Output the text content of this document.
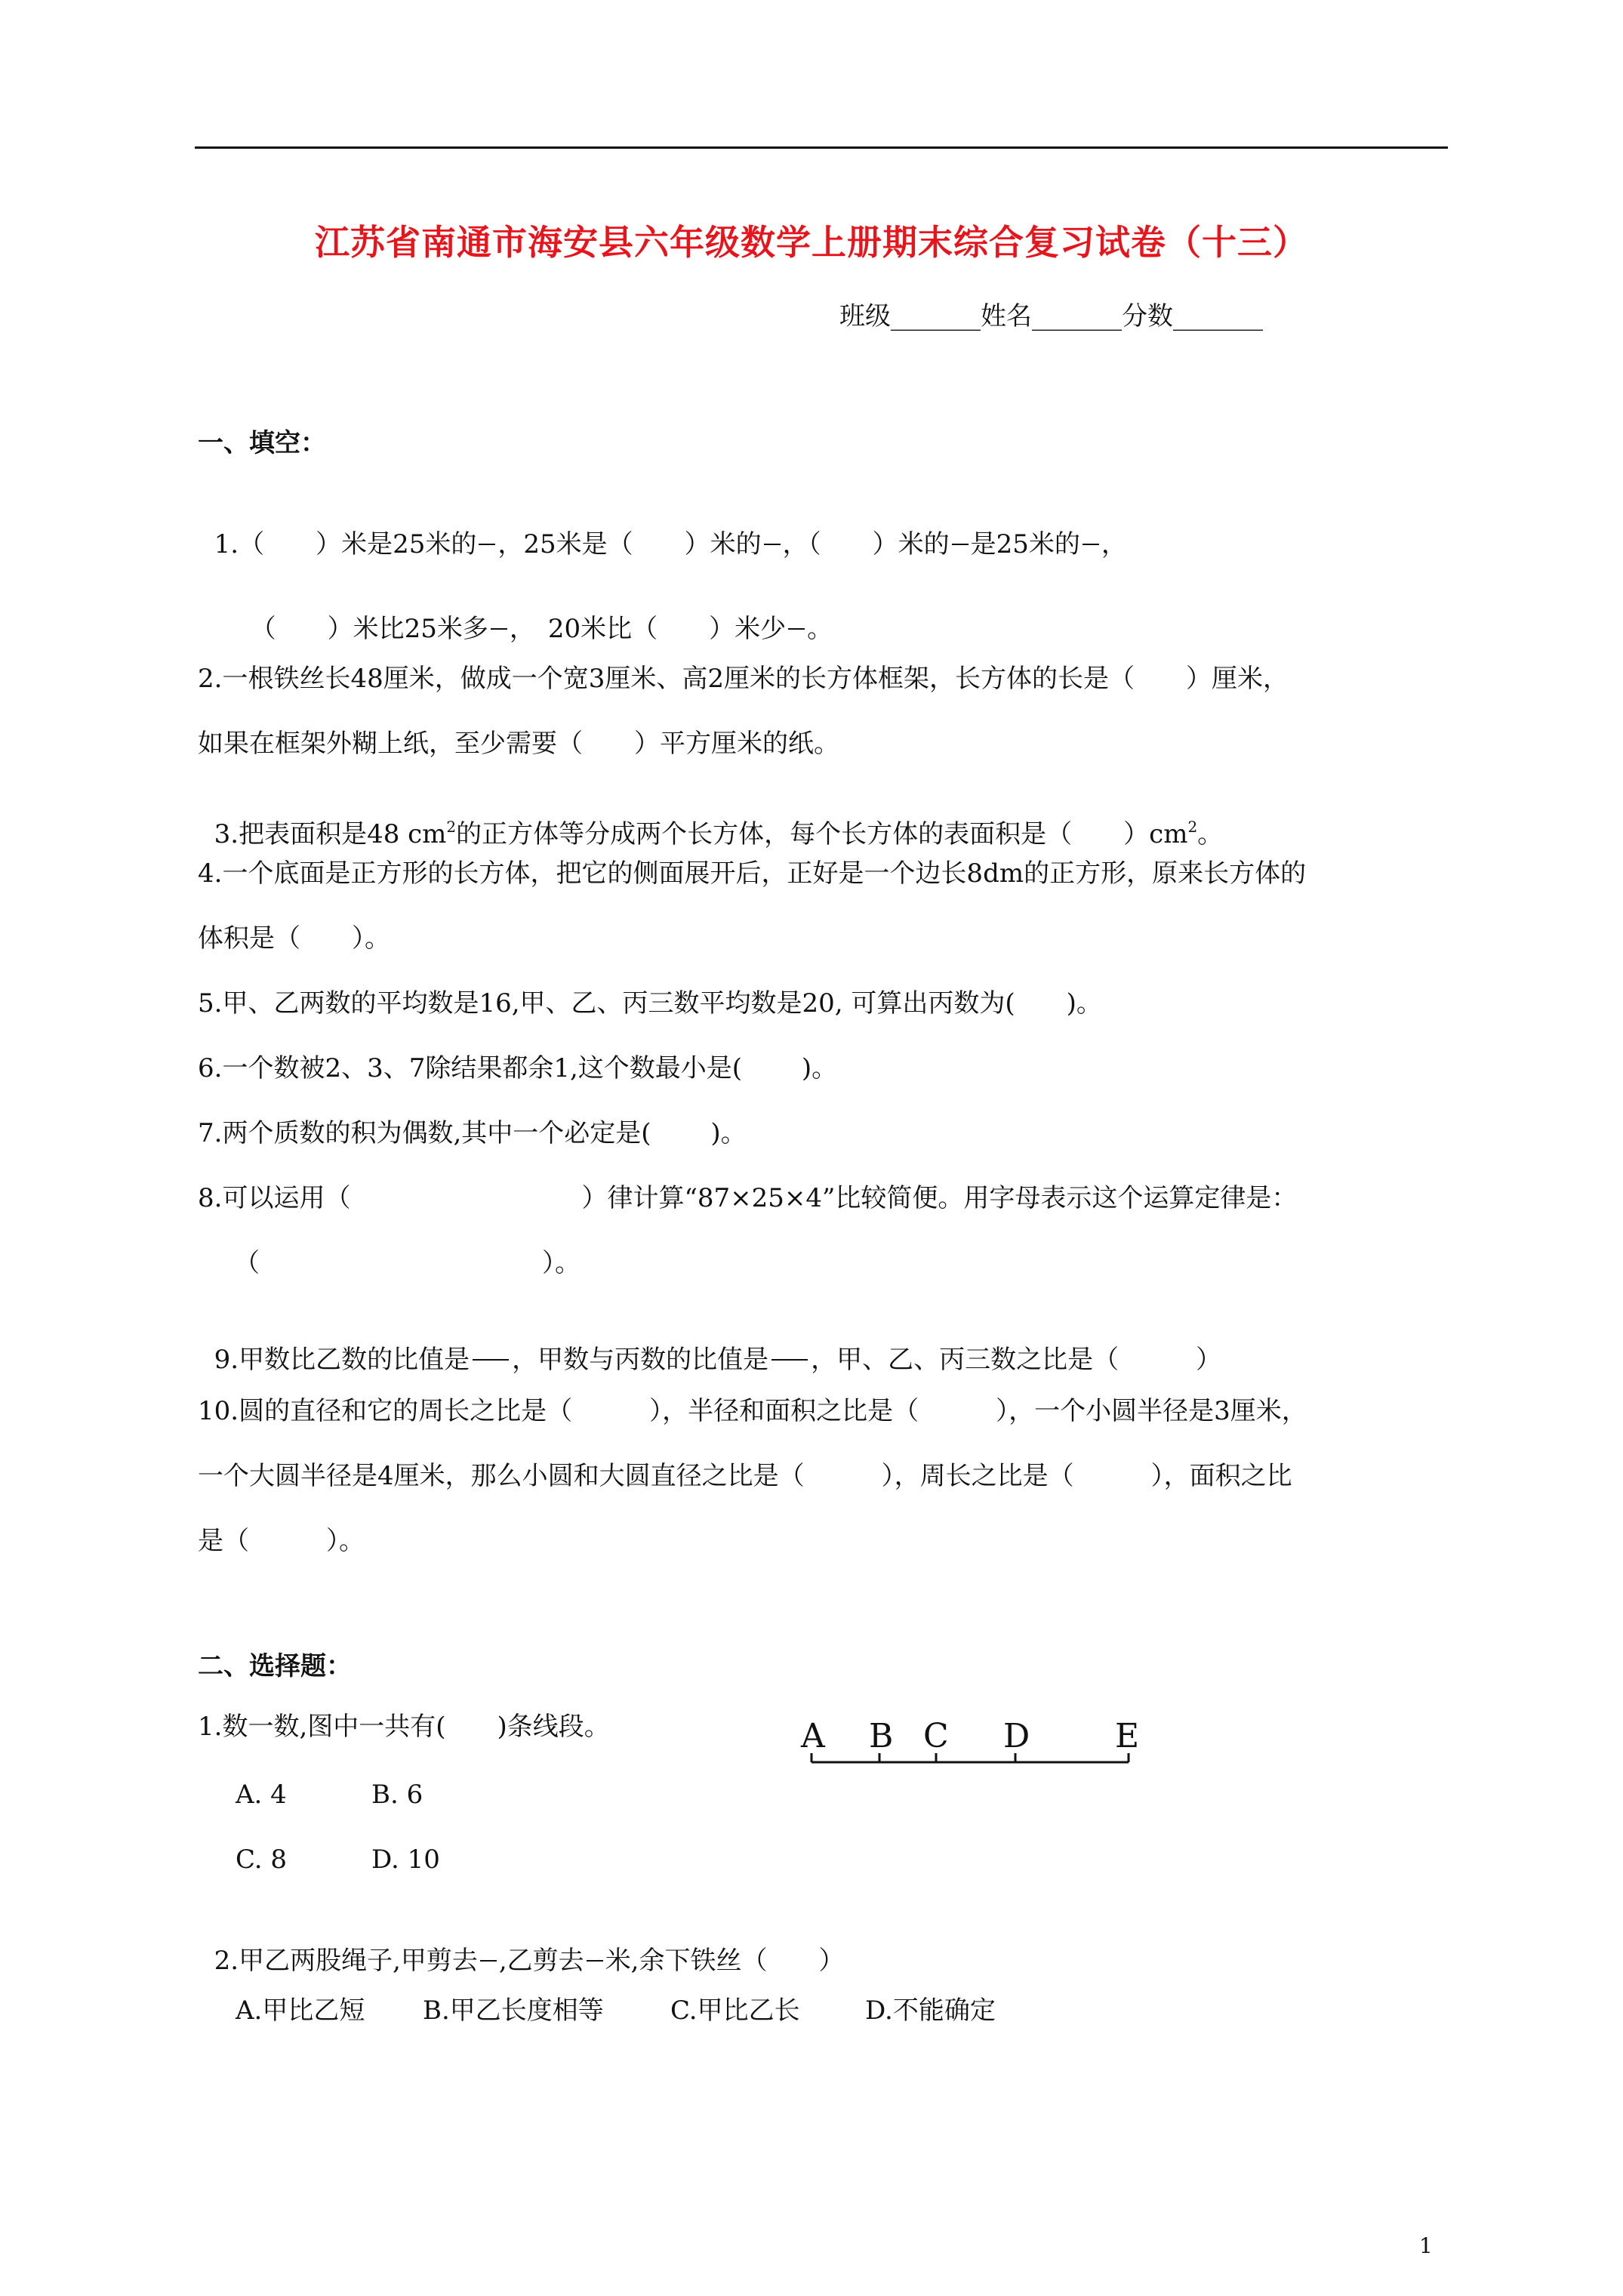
江苏省南通市海安县六年级数学上册期末综合复习试卷（十三）
班级_______姓名_______分数_______
一、填空：

1.（　　）米是25米的 ，25米是（　　）米的 ，（　　）米的 是25米的 ，

（　　）米比25米多 ，　20米比（　　）米少 。

2.一根铁丝长48厘米，做成一个宽3厘米、高2厘米的长方体框架，长方体的长是（　　）厘米，
如果在框架外糊上纸，至少需要（　　）平方厘米的纸。

3.把表面积是48 $cm^2$的正方体等分成两个长方体，每个长方体的表面积是（　　）$cm^2$。

4.一个底面是正方形的长方体，把它的侧面展开后，正好是一个边长8dm的正方形，原来长方体的
体积是（　　）。
5.甲、乙两数的平均数是16,甲、乙、丙三数平均数是20, 可算出丙数为(　　)。
6.一个数被2、3、7除结果都余1,这个数最小是(　　 )。
7.两个质数的积为偶数,其中一个必定是(　　 )。
8.可以运用（　　　　　　　　　）律计算“87×25×4”比较简便。用字母表示这个运算定律是：
（　　　　　　　　　　　）。

9.甲数比乙数的比值是 ，甲数与丙数的比值是 ，甲、乙、丙三数之比是（　　　）

10.圆的直径和它的周长之比是（　　　），半径和面积之比是（　　　），一个小圆半径是3厘米，
一个大圆半径是4厘米，那么小圆和大圆直径之比是（　　　），周长之比是（　　　），面积之比
是（　　　）。
二、选择题：
1.数一数,图中一共有(　　)条线段。	A B C D	E
A. 4	B. 6
C. 8	D. 10

2.甲乙两股绳子,甲剪去 ,乙剪去 米,余下铁丝（　　）

A.甲比乙短 B.甲乙长度相等	C.甲比乙长	D.不能确定
1
